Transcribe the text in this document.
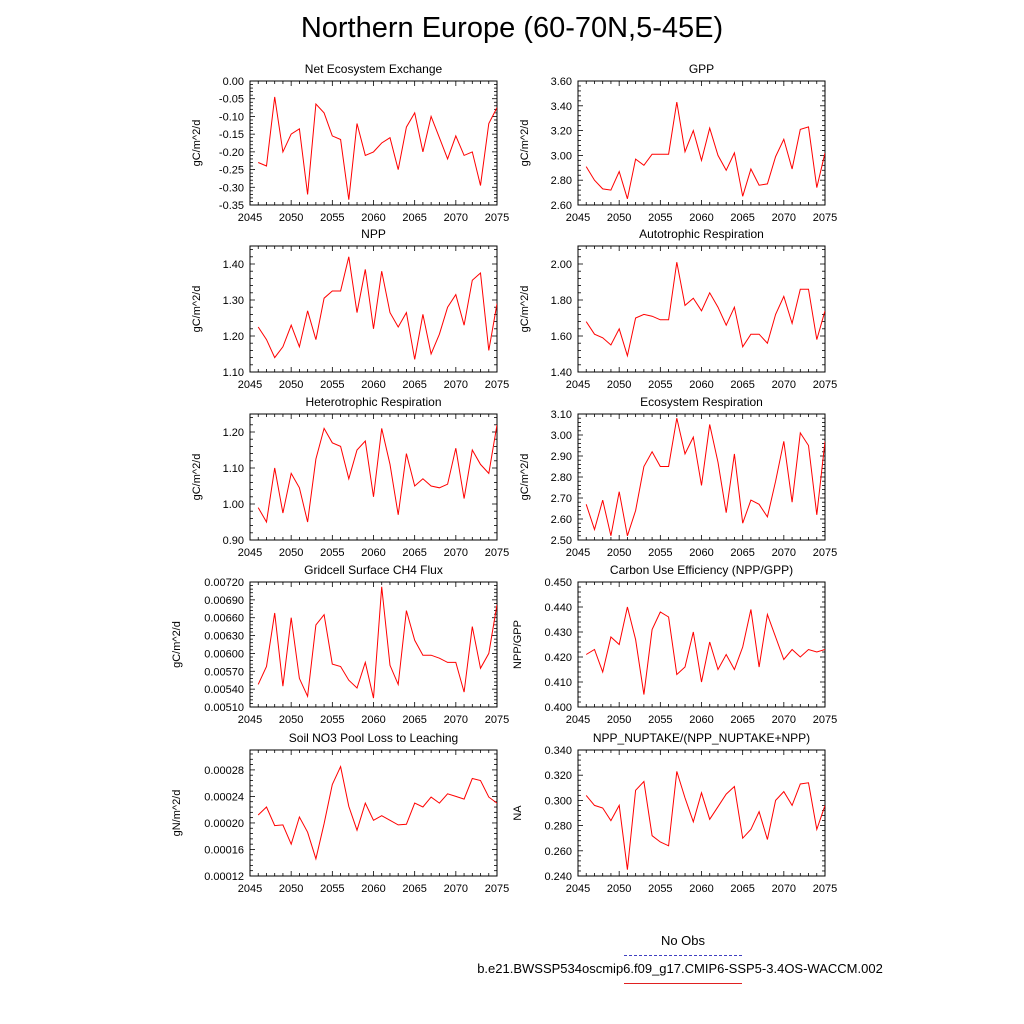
Northern Europe (60-70N,5-45E)
Net Ecosystem Exchange
2045 2050 2055 2060 2065 2070 2075
-0.35
-0.30
-0.25
-0.20
-0.15
-0.10
-0.05
0.00
gC/m^2/d
GPP
2045 2050 2055 2060 2065 2070 2075
2.60
2.80
3.00
3.20
3.40
3.60
gC/m^2/d
NPP
2045 2050 2055 2060 2065 2070 2075
1.10
1.20
1.30
1.40
gC/m^2/d
Autotrophic Respiration
2045 2050 2055 2060 2065 2070 2075
1.40
1.60
1.80
2.00
gC/m^2/d
Heterotrophic Respiration
2045 2050 2055 2060 2065 2070 2075
0.90
1.00
1.10
1.20
gC/m^2/d
Ecosystem Respiration
2045 2050 2055 2060 2065 2070 2075
2.50
2.60
2.70
2.80
2.90
3.00
3.10
gC/m^2/d
Gridcell Surface CH4 Flux
2045 2050 2055 2060 2065 2070 2075
0.00510
0.00540
0.00570
0.00600
0.00630
0.00660
0.00690
0.00720
gC/m^2/d
Carbon Use Efficiency (NPP/GPP)
2045 2050 2055 2060 2065 2070 2075
0.400
0.410
0.420
0.430
0.440
0.450
NPP/GPP
Soil NO3 Pool Loss to Leaching
2045 2050 2055 2060 2065 2070 2075
0.00012
0.00016
0.00020
0.00024
0.00028
gN/m^2/d
NPP_NUPTAKE/(NPP_NUPTAKE+NPP)
2045 2050 2055 2060 2065 2070 2075
0.240
0.260
0.280
0.300
0.320
0.340
NA
No Obs
b.e21.BWSSP534oscmip6.f09_g17.CMIP6-SSP5-3.4OS-WACCM.002
